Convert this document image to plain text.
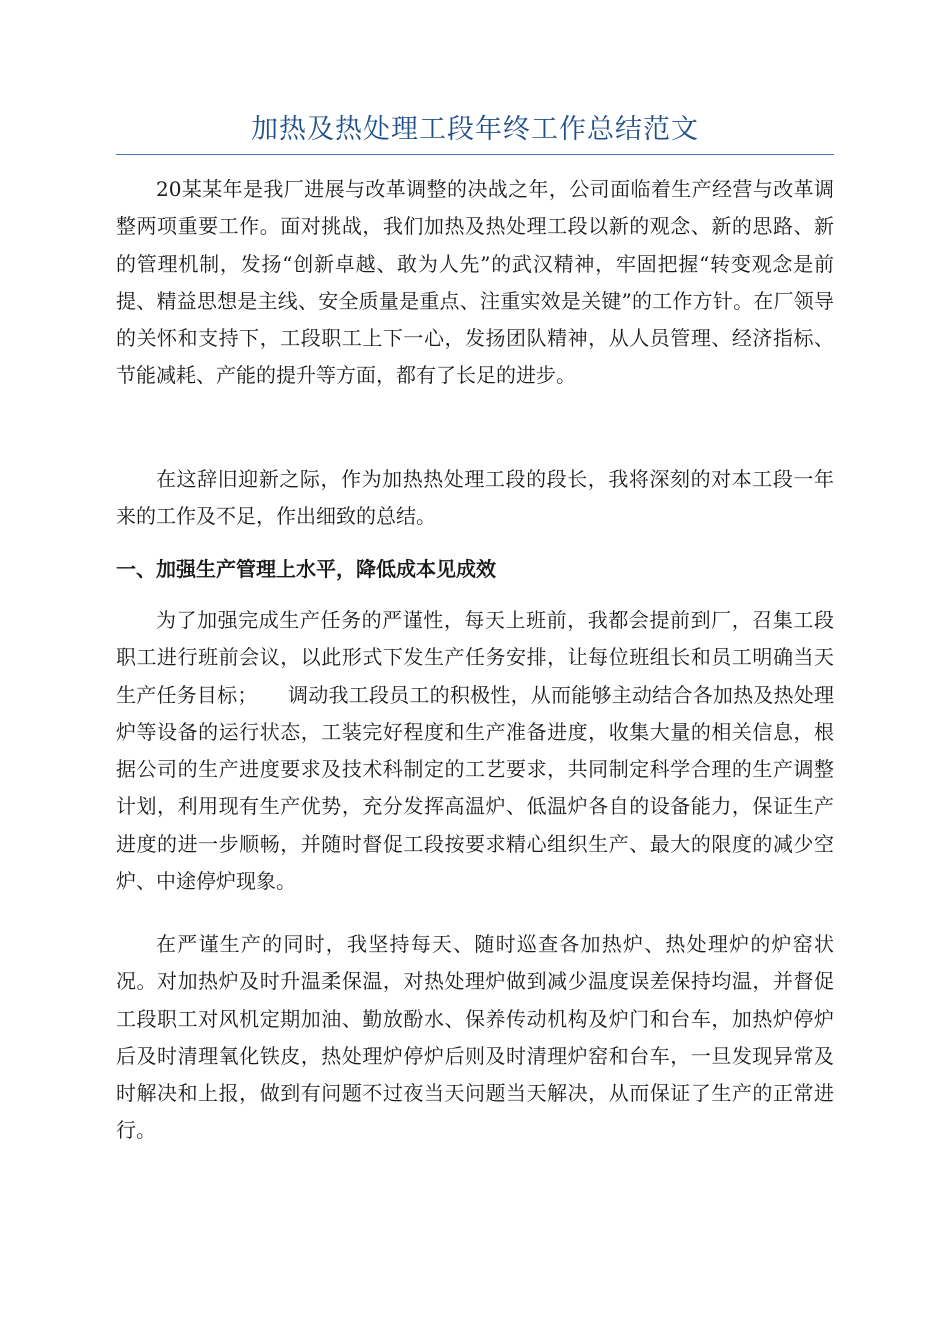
加热及热处理工段年终工作总结范文

20某某年是我厂进展与改革调整的决战之年，公司面临着生产经营与改革调整两项重要工作。面对挑战，我们加热及热处理工段以新的观念、新的思路、新的管理机制，发扬“创新卓越、敢为人先”的武汉精神，牢固把握“转变观念是前提、精益思想是主线、安全质量是重点、注重实效是关键”的工作方针。在厂领导的关怀和支持下，工段职工上下一心，发扬团队精神，从人员管理、经济指标、节能减耗、产能的提升等方面，都有了长足的进步。

在这辞旧迎新之际，作为加热热处理工段的段长，我将深刻的对本工段一年来的工作及不足，作出细致的总结。

一、加强生产管理上水平，降低成本见成效

为了加强完成生产任务的严谨性，每天上班前，我都会提前到厂，召集工段职工进行班前会议，以此形式下发生产任务安排，让每位班组长和员工明确当天生产任务目标；　　调动我工段员工的积极性，从而能够主动结合各加热及热处理炉等设备的运行状态，工装完好程度和生产准备进度，收集大量的相关信息，根据公司的生产进度要求及技术科制定的工艺要求，共同制定科学合理的生产调整计划，利用现有生产优势，充分发挥高温炉、低温炉各自的设备能力，保证生产进度的进一步顺畅，并随时督促工段按要求精心组织生产、最大的限度的减少空炉、中途停炉现象。

在严谨生产的同时，我坚持每天、随时巡查各加热炉、热处理炉的炉窑状况。对加热炉及时升温柔保温，对热处理炉做到减少温度误差保持均温，并督促工段职工对风机定期加油、勤放酚水、保养传动机构及炉门和台车，加热炉停炉后及时清理氧化铁皮，热处理炉停炉后则及时清理炉窑和台车，一旦发现异常及时解决和上报，做到有问题不过夜当天问题当天解决，从而保证了生产的正常进行。
